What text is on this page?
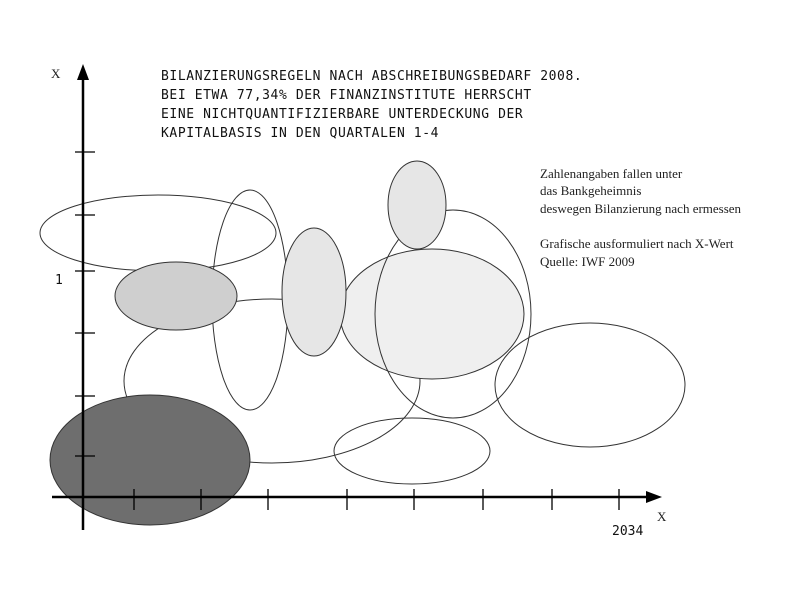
X
X
1
2034
BILANZIERUNGSREGELN NACH ABSCHREIBUNGSBEDARF 2008.
BEI ETWA 77,34% DER FINANZINSTITUTE HERRSCHT
EINE NICHTQUANTIFIZIERBARE UNTERDECKUNG DER
KAPITALBASIS IN DEN QUARTALEN 1-4
Zahlenangaben fallen unter
das Bankgeheimnis
deswegen Bilanzierung nach ermessen
Grafische ausformuliert nach X-Wert
Quelle: IWF 2009
